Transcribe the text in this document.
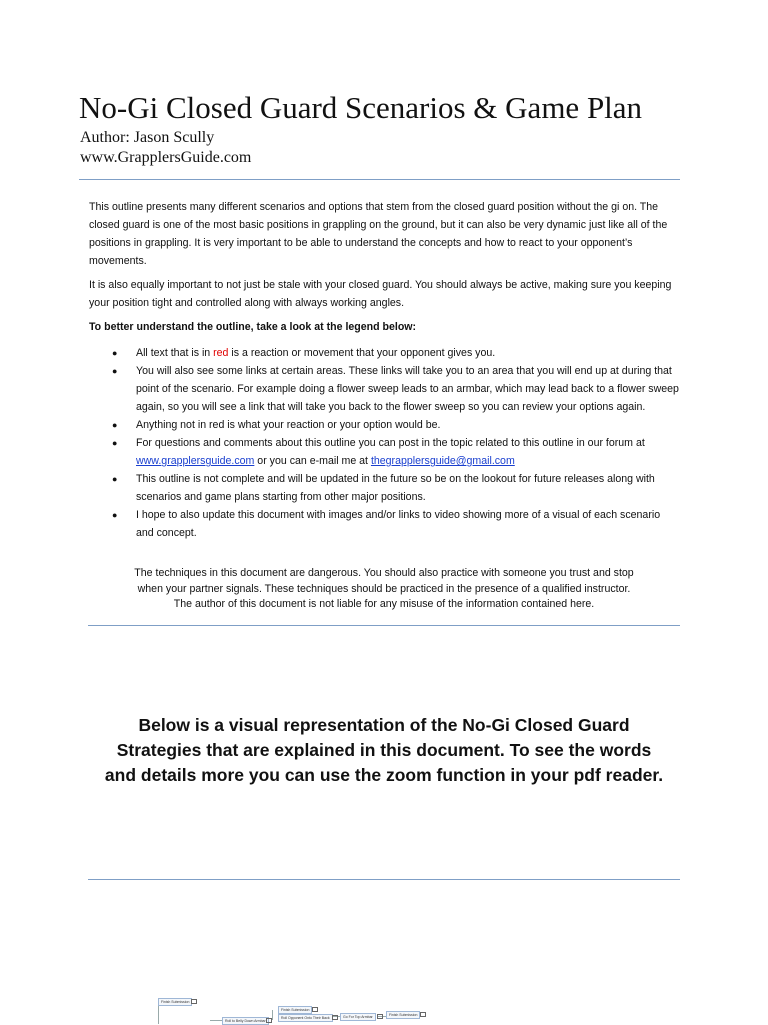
No-Gi Closed Guard Scenarios & Game Plan
Author: Jason Scully
www.GrapplersGuide.com

This outline presents many different scenarios and options that stem from the closed guard position without the gi on. The closed guard is one of the most basic positions in grappling on the ground, but it can also be very dynamic just like all of the positions in grappling. It is very important to be able to understand the concepts and how to react to your opponent’s movements.

It is also equally important to not just be stale with your closed guard. You should always be active, making sure you keeping your position tight and controlled along with always working angles.

To better understand the outline, take a look at the legend below:
● All text that is in red is a reaction or movement that your opponent gives you.
● You will also see some links at certain areas. These links will take you to an area that you will end up at during that point of the scenario. For example doing a flower sweep leads to an armbar, which may lead back to a flower sweep again, so you will see a link that will take you back to the flower sweep so you can review your options again.
● Anything not in red is what your reaction or your option would be.
● For questions and comments about this outline you can post in the topic related to this outline in our forum at www.grapplersguide.com or you can e-mail me at thegrapplersguide@gmail.com
● This outline is not complete and will be updated in the future so be on the lookout for future releases along with scenarios and game plans starting from other major positions.
● I hope to also update this document with images and/or links to video showing more of a visual of each scenario and concept.

The techniques in this document are dangerous. You should also practice with someone you trust and stop
when your partner signals. These techniques should be practiced in the presence of a qualified instructor.
The author of this document is not liable for any misuse of the information contained here.

Below is a visual representation of the No-Gi Closed Guard
Strategies that are explained in this document. To see the words
and details more you can use the zoom function in your pdf reader.

Finish Submission
Roll to Belly Down Armbar
Finish Submission
Roll Opponent Onto Their Back	Go For Top Armbar	Finish Submission
